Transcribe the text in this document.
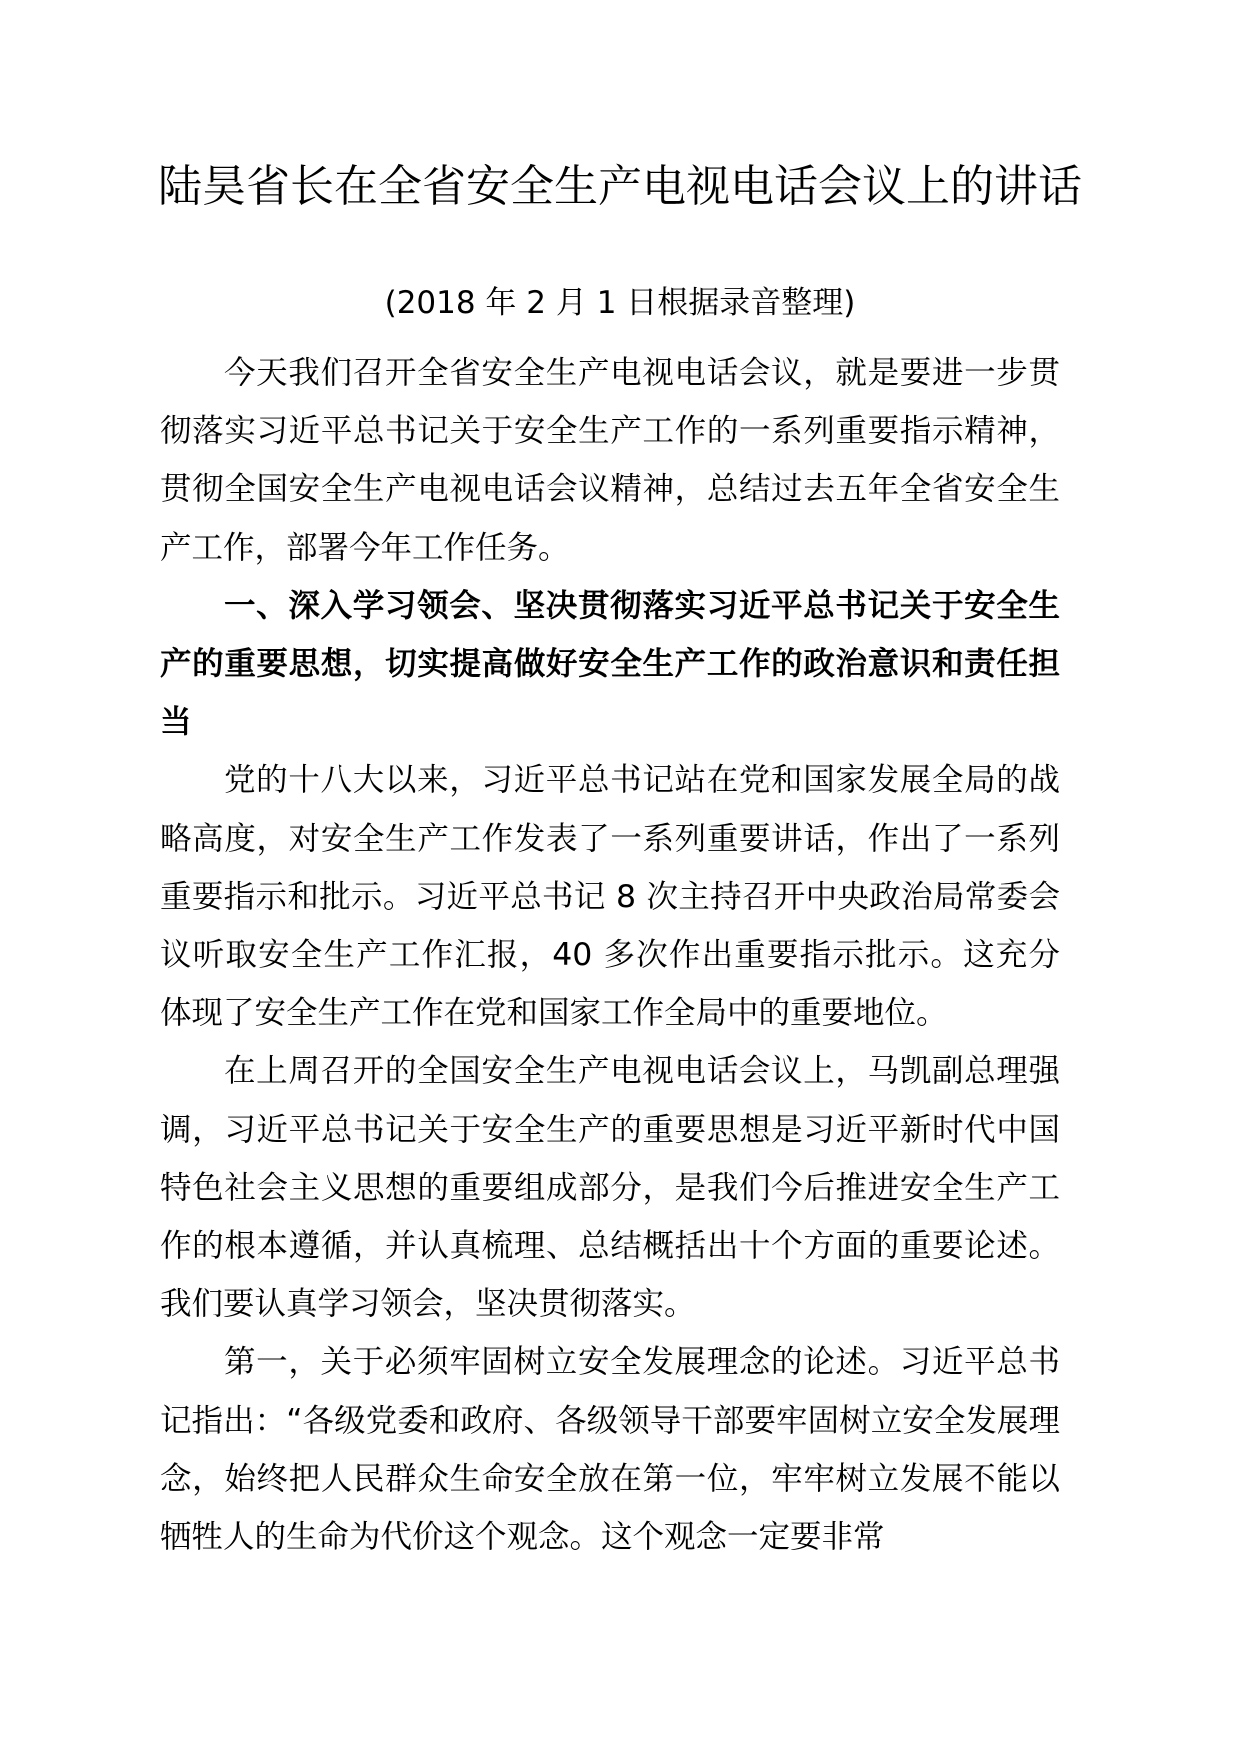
陆昊省长在全省安全生产电视电话会议上的讲话
(2018 年 2 月 1 日根据录音整理)

今天我们召开全省安全生产电视电话会议，就是要进一步贯彻落实习近平总书记关于安全生产工作的一系列重要指示精神，贯彻全国安全生产电视电话会议精神，总结过去五年全省安全生产工作，部署今年工作任务。

一、深入学习领会、坚决贯彻落实习近平总书记关于安全生产的重要思想，切实提高做好安全生产工作的政治意识和责任担当

党的十八大以来，习近平总书记站在党和国家发展全局的战略高度，对安全生产工作发表了一系列重要讲话，作出了一系列重要指示和批示。习近平总书记 8 次主持召开中央政治局常委会议听取安全生产工作汇报，40 多次作出重要指示批示。这充分体现了安全生产工作在党和国家工作全局中的重要地位。

在上周召开的全国安全生产电视电话会议上，马凯副总理强调，习近平总书记关于安全生产的重要思想是习近平新时代中国特色社会主义思想的重要组成部分，是我们今后推进安全生产工作的根本遵循，并认真梳理、总结概括出十个方面的重要论述。我们要认真学习领会，坚决贯彻落实。

第一，关于必须牢固树立安全发展理念的论述。习近平总书记指出：“各级党委和政府、各级领导干部要牢固树立安全发展理念，始终把人民群众生命安全放在第一位，牢牢树立发展不能以牺牲人的生命为代价这个观念。这个观念一定要非常
